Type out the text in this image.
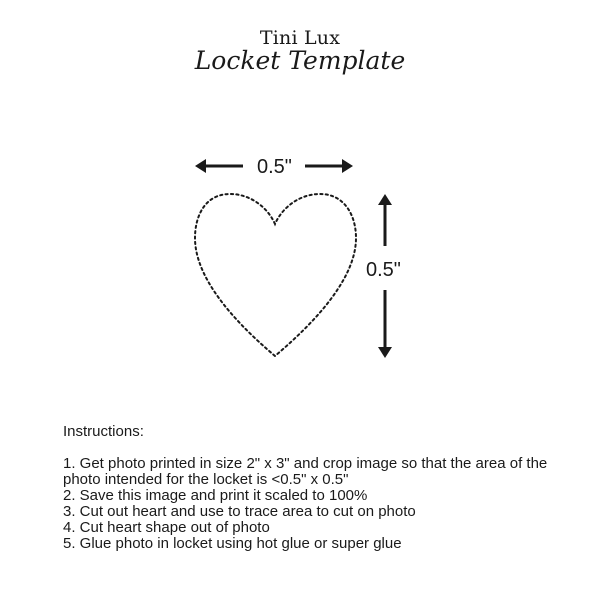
Tini Lux
Locket Template
0.5"
0.5"
Instructions:
1. Get photo printed in size 2" x 3" and crop image so that the area of the photo intended for the locket is <0.5" x 0.5"
2. Save this image and print it scaled to 100%
3. Cut out heart and use to trace area to cut on photo
4. Cut heart shape out of photo
5. Glue photo in locket using hot glue or super glue
